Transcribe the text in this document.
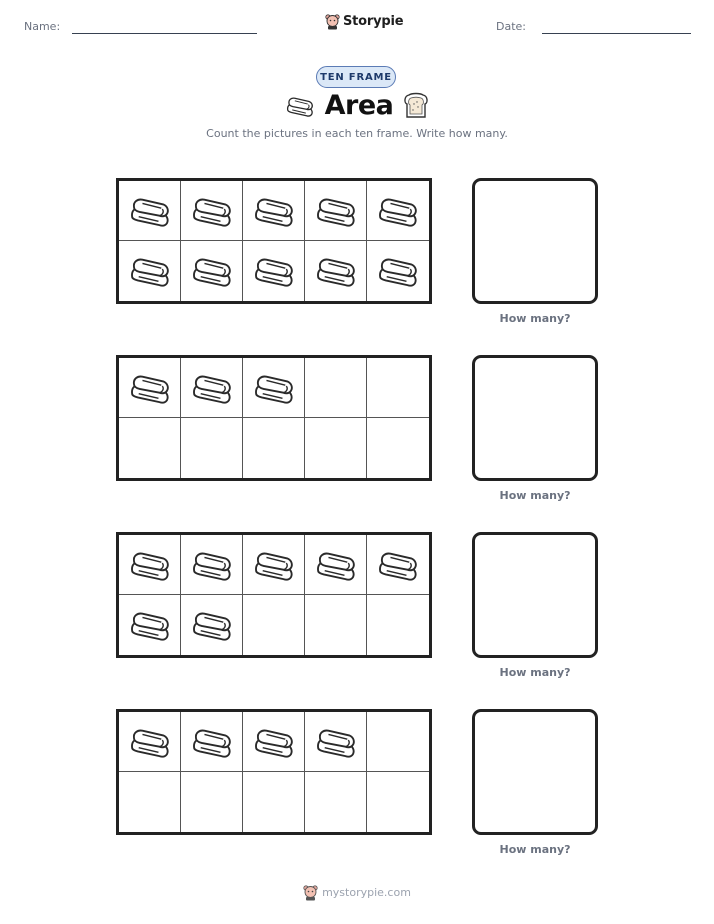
Name:	Storypie	Date:
TEN FRAME
Area
Count the pictures in each ten frame. Write how many.
How many?
How many?
How many?
How many?
mystorypie.com
